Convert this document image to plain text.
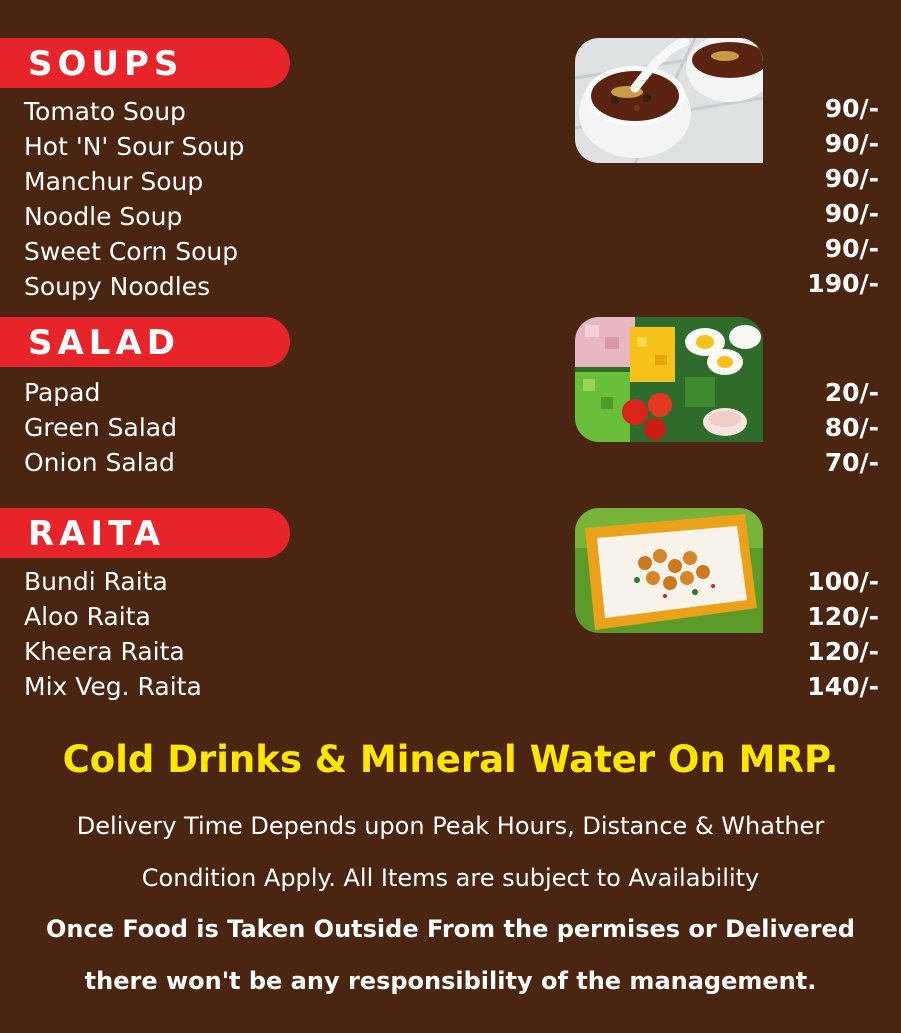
SOUPS
Tomato Soup
Hot 'N' Sour Soup
Manchur Soup
Noodle Soup
Sweet Corn Soup
Soupy Noodles
90/-
90/-
90/-
90/-
90/-
190/-
SALAD
Papad
Green Salad
Onion Salad
20/-
80/-
70/-
RAITA
Bundi Raita
Aloo Raita
Kheera Raita
Mix Veg. Raita
100/-
120/-
120/-
140/-
Cold Drinks & Mineral Water On MRP.
Delivery Time Depends upon Peak Hours, Distance & Whather
Condition Apply. All Items are subject to Availability
Once Food is Taken Outside From the permises or Delivered
there won't be any responsibility of the management.
